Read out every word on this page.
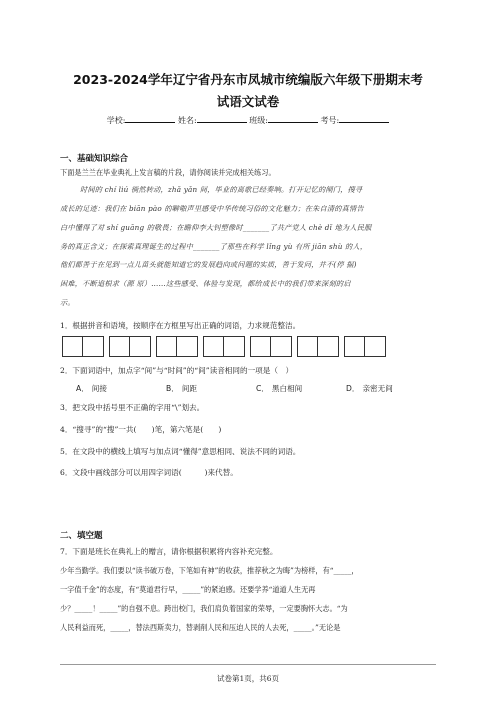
2023-2024学年辽宁省丹东市凤城市统编版六年级下册期末考
试语文试卷
学校:	姓名:	班级:	考号:
一、基础知识综合
下面是兰兰在毕业典礼上发言稿的片段，请你阅读并完成相关练习。
时间的 chí liú 徜然转动，zhǎ yǎn 间，毕业的离歌已经奏响。打开记忆的闸门，搜寻
成长的足迹：我们在 biān pào 的噼啪声里感受中华传统习俗的文化魅力；在朱自清的真情告
白中懂得了对 shí guāng 的敬畏；在瞻仰李大钊塑像时_______了共产党人 chè dǐ 地为人民服
务的真正含义；在探索真理诞生的过程中_______了那些在科学 lǐng yù 有所 jiān shù 的人，
他们都善于在见到一点儿苗头就能知道它的发展趋向或问题的实质，善于发问，并不(停 据)
困难，不断追根求（源 原）……这些感受、体验与发现，都给成长中的我们带来深刻的启
示。
1．根据拼音和语境，按顺序在方框里写出正确的词语，力求规范整洁。
2．下面词语中，加点字“间”与“时间”的“间”读音相同的一项是（　）
A． 间接	B． 间距	C． 黑白相间	D． 亲密无间
3．把文段中括号里不正确的字用“\”划去。
4．“搜寻”的“搜”一共(　　)笔，第六笔是(　　)
5．在文段中的横线上填写与加点词“懂得”意思相同、说法不同的词语。
6．文段中画线部分可以用四字词语(　　　)来代替。
二、填空题
7．下面是班长在典礼上的赠言，请你根据积累将内容补充完整。
少年当勤学。我们要以“读书破万卷，下笔如有神”的收获，推荐秋之为晦”为榜样，有“_____，
一字值千金”的态度，有“莫道君行早，_____”的紧迫感。还要学养“道道人生无再
少？_____！_____”的自强不息。跨出校门，我们肩负着国家的荣辱，一定要胸怀大志。“为
人民利益而死，_____，替法西斯卖力，替剥削人民和压迫人民的人去死，_____。”无论是
试卷第1页，共6页
